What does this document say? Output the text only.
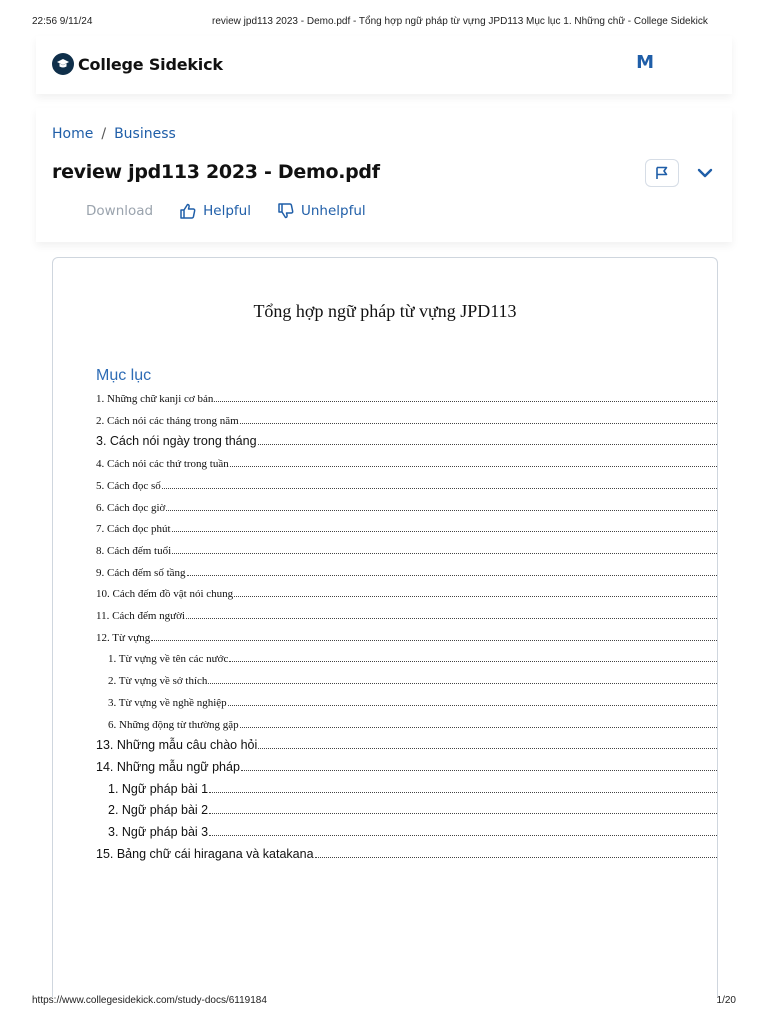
22:56 9/11/24	review jpd113 2023 - Demo.pdf - Tổng hợp ngữ pháp từ vựng JPD113 Mục lục 1. Những chữ - College Sidekick
College Sidekick	M
Home / Business
review jpd113 2023 - Demo.pdf
Download	Helpful	Unhelpful
Tổng hợp ngữ pháp từ vựng JPD113
Mục lục
1. Những chữ kanji cơ bản
2. Cách nói các tháng trong năm
3. Cách nói ngày trong tháng
4. Cách nói các thứ trong tuần
5. Cách đọc số
6. Cách đọc giờ
7. Cách đọc phút
8. Cách đếm tuổi
9. Cách đếm số tầng
10. Cách đếm đồ vật nói chung
11. Cách đếm người
12. Từ vựng
1. Từ vựng về tên các nước
2. Từ vựng về sở thích
3. Từ vựng về nghề nghiệp
6. Những động từ thường gặp
13. Những mẫu câu chào hỏi
14. Những mẫu ngữ pháp
1. Ngữ pháp bài 1
2. Ngữ pháp bài 2
3. Ngữ pháp bài 3
15. Bảng chữ cái hiragana và katakana
https://www.collegesidekick.com/study-docs/6119184	1/20
